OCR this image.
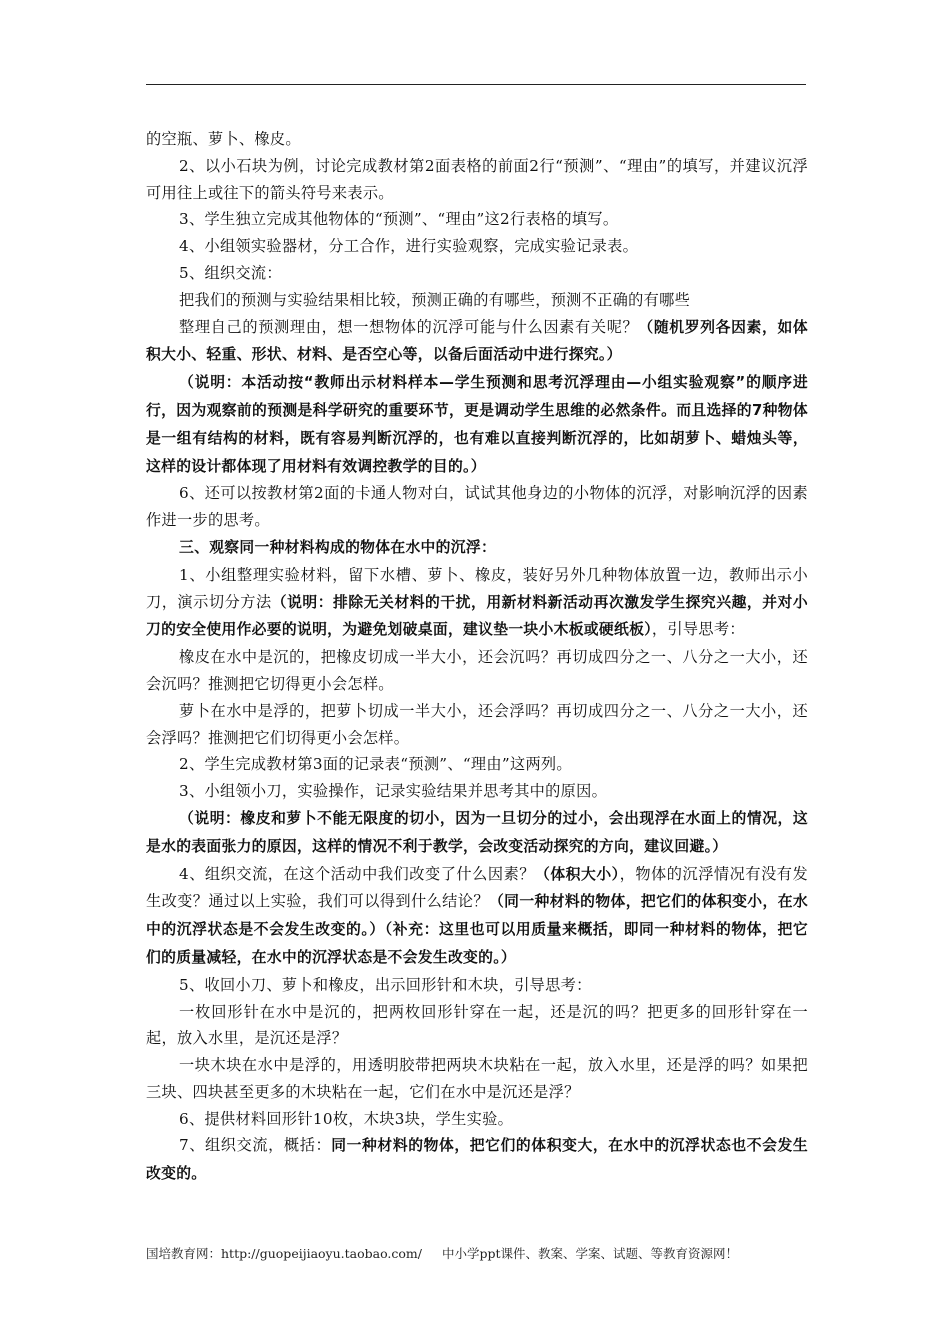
的空瓶、萝卜、橡皮。

2、以小石块为例，讨论完成教材第2面表格的前面2行“预测”、“理由”的填写，并建议沉浮可用往上或往下的箭头符号来表示。

3、学生独立完成其他物体的“预测”、“理由”这2行表格的填写。

4、小组领实验器材，分工合作，进行实验观察，完成实验记录表。

5、组织交流：

把我们的预测与实验结果相比较，预测正确的有哪些，预测不正确的有哪些

整理自己的预测理由，想一想物体的沉浮可能与什么因素有关呢？（随机罗列各因素，如体积大小、轻重、形状、材料、是否空心等，以备后面活动中进行探究。）

（说明：本活动按“教师出示材料样本—学生预测和思考沉浮理由—小组实验观察”的顺序进行，因为观察前的预测是科学研究的重要环节，更是调动学生思维的必然条件。而且选择的7种物体是一组有结构的材料，既有容易判断沉浮的，也有难以直接判断沉浮的，比如胡萝卜、蜡烛头等，这样的设计都体现了用材料有效调控教学的目的。）

6、还可以按教材第2面的卡通人物对白，试试其他身边的小物体的沉浮，对影响沉浮的因素作进一步的思考。

三、观察同一种材料构成的物体在水中的沉浮：

1、小组整理实验材料，留下水槽、萝卜、橡皮，装好另外几种物体放置一边，教师出示小刀，演示切分方法（说明：排除无关材料的干扰，用新材料新活动再次激发学生探究兴趣，并对小刀的安全使用作必要的说明，为避免划破桌面，建议垫一块小木板或硬纸板），引导思考：

橡皮在水中是沉的，把橡皮切成一半大小，还会沉吗？再切成四分之一、八分之一大小，还会沉吗？推测把它切得更小会怎样。

萝卜在水中是浮的，把萝卜切成一半大小，还会浮吗？再切成四分之一、八分之一大小，还会浮吗？推测把它们切得更小会怎样。

2、学生完成教材第3面的记录表“预测”、“理由”这两列。

3、小组领小刀，实验操作，记录实验结果并思考其中的原因。

（说明：橡皮和萝卜不能无限度的切小，因为一旦切分的过小，会出现浮在水面上的情况，这是水的表面张力的原因，这样的情况不利于教学，会改变活动探究的方向，建议回避。）

4、组织交流，在这个活动中我们改变了什么因素？（体积大小），物体的沉浮情况有没有发生改变？通过以上实验，我们可以得到什么结论？（同一种材料的物体，把它们的体积变小，在水中的沉浮状态是不会发生改变的。）（补充：这里也可以用质量来概括，即同一种材料的物体，把它们的质量减轻，在水中的沉浮状态是不会发生改变的。）

5、收回小刀、萝卜和橡皮，出示回形针和木块，引导思考：

一枚回形针在水中是沉的，把两枚回形针穿在一起，还是沉的吗？把更多的回形针穿在一起，放入水里，是沉还是浮？

一块木块在水中是浮的，用透明胶带把两块木块粘在一起，放入水里，还是浮的吗？如果把三块、四块甚至更多的木块粘在一起，它们在水中是沉还是浮？

6、提供材料回形针10枚，木块3块，学生实验。

7、组织交流，概括：同一种材料的物体，把它们的体积变大，在水中的沉浮状态也不会发生改变的。

国培教育网：http://guopeijiaoyu.taobao.com/ 中小学ppt课件、教案、学案、试题、等教育资源网！
